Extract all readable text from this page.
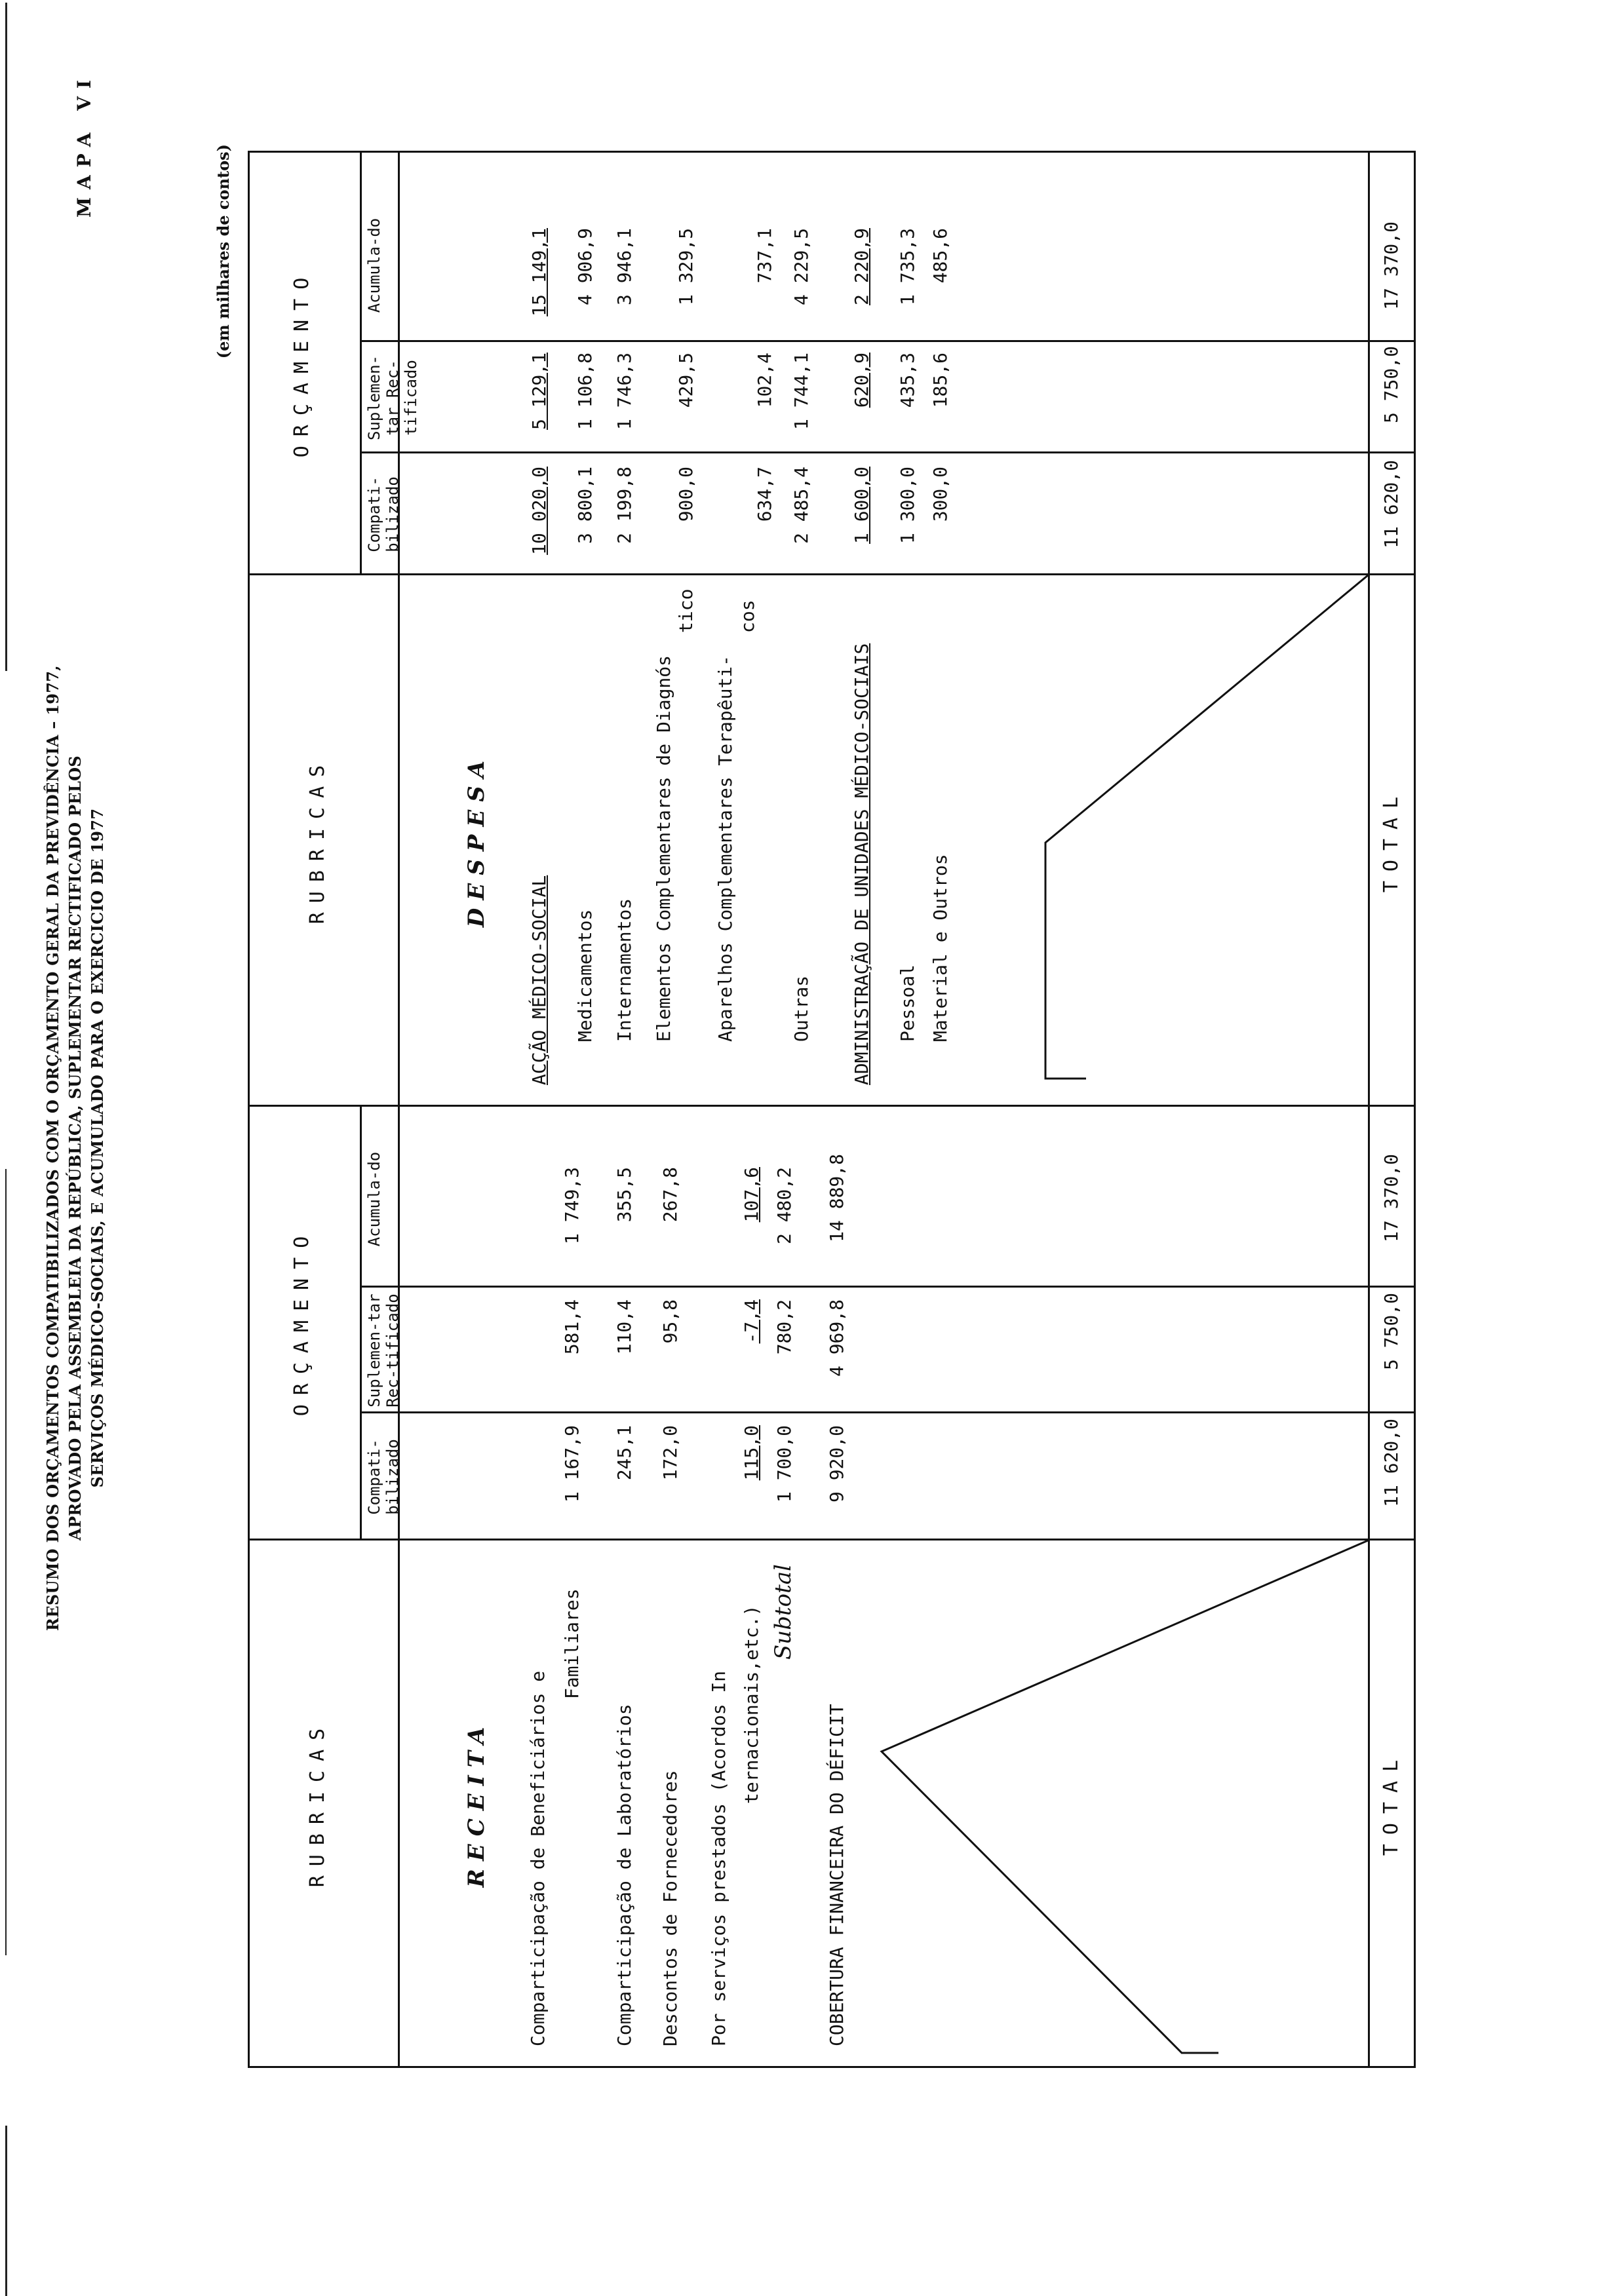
RESUMO DOS ORÇAMENTOS COMPATIBILIZADOS COM O ORÇAMENTO GERAL DA PREVIDÊNCIA – 1977, APROVADO PELA ASSEMBLEIA DA REPÚBLICA, SUPLEMENTAR RECTIFICADO PELOS SERVIÇOS MÉDICO-SOCIAIS, E ACUMULADO PARA O EXERCICIO DE 1977
MAPA VI	(em milhares de contos)
RUBRICAS
ORÇAMENTO
Compati-bilizado
Suplemen-tar Rec-tificado
Acumula-do
RECEITA Comparticipação de Beneficiários e
Familiares
1 167,9
581,4
1 749,3
Comparticipação de Laboratórios
245,1
110,4
355,5
Descontos de Fornecedores
172,0
95,8
267,8
Por serviços prestados (Acordos In ternacionais,etc.)
115,0
-7,4
107,6
Subtotal
1 700,0
780,2
2 480,2
COBERTURA FINANCEIRA DO DÉFICIT
9 920,0
4 969,8
14 889,8
TOTAL
11 620,0
5 750,0
17 370,0
RUBRICAS
ORÇAMENTO
Compati-bilizado
Suplemen-tar Rec-tificado
Acumula-do
DESPESA
ACÇÃO MÉDICO-SOCIAL
10 020,0
5 129,1
15 149,1
Medicamentos
3 800,1
1 106,8
4 906,9
Internamentos
2 199,8
1 746,3
3 946,1
Elementos Complementares de Diagnós
tico
900,0
429,5
1 329,5
Aparelhos Complementares Terapêuti-
cos
634,7
102,4
737,1
Outras
2 485,4
1 744,1
4 229,5
ADMINISTRAÇÃO DE UNIDADES MÉDICO-SOCIAIS
1 600,0
620,9
2 220,9
Pessoal
1 300,0
435,3
1 735,3
Material e Outros
300,0
185,6
485,6
TOTAL
11 620,0
5 750,0
17 370,0
